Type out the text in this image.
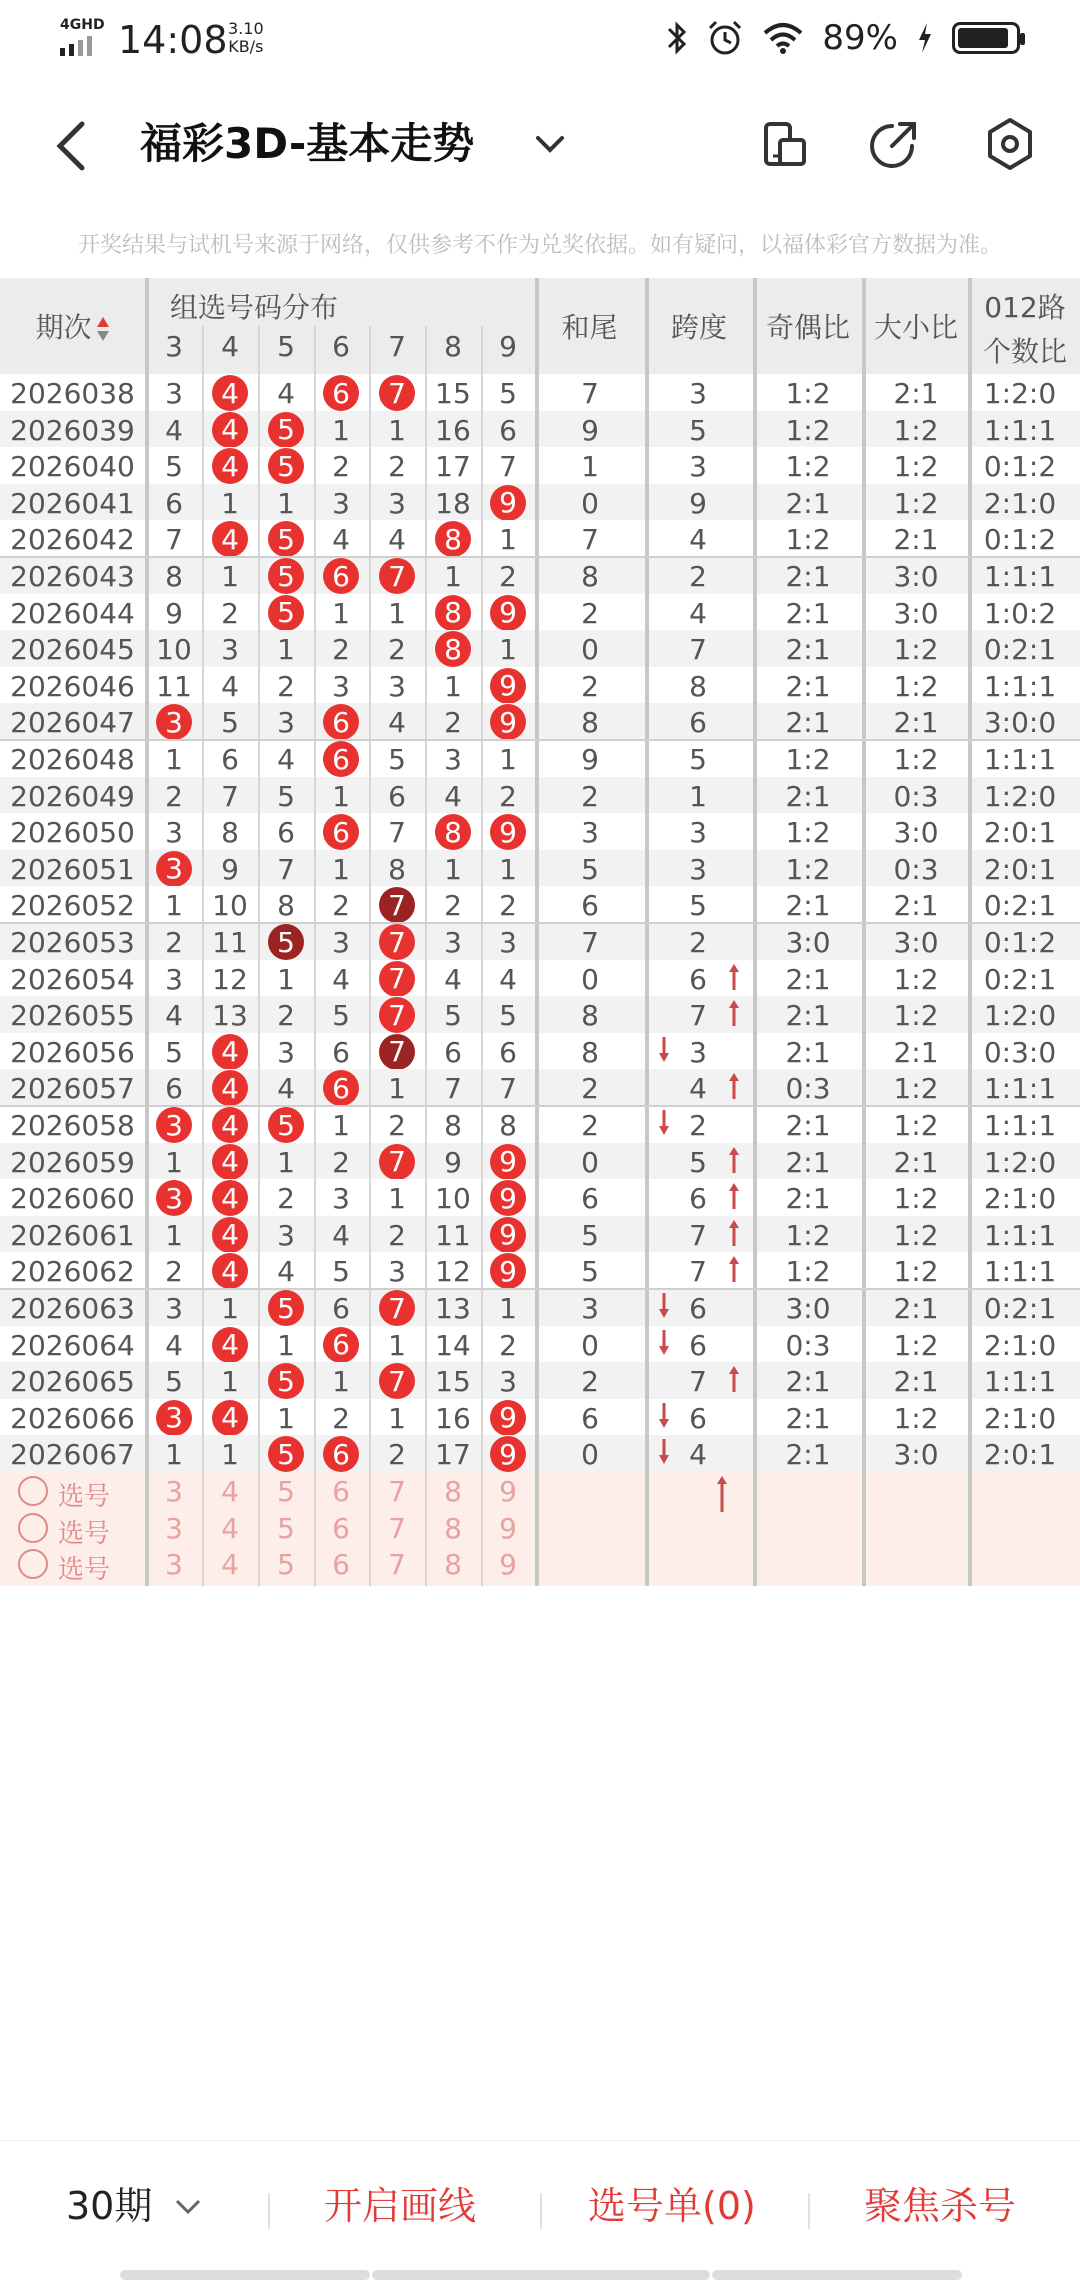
4GHD 14:08 3.10
KB/s	89%
福彩3D-基本走势
开奖结果与试机号来源于网络，仅供参考不作为兑奖依据。如有疑问，以福体彩官方数据为准。
期次
组选号码分布
3	4	5	6	7	8	9
和尾	跨度	奇偶比 大小比
012路
个数比
2026038	3	4	4	6	7	15	5	7	3	1:2	2:1	1:2:0
2026039	4	4	5	1	1	16	6	9	5	1:2	1:2	1:1:1
2026040	5	4	5	2	2	17	7	1	3	1:2	1:2	0:1:2
2026041	6	1	1	3	3	18	9	0	9	2:1	1:2	2:1:0
2026042	7	4	5	4	4	8	1	7	4	1:2	2:1	0:1:2
2026043	8	1	5	6	7	1	2	8	2	2:1	3:0	1:1:1
2026044	9	2	5	1	1	8	9	2	4	2:1	3:0	1:0:2
2026045 10	3	1	2	2	8	1	0	7	2:1	1:2	0:2:1
2026046 11	4	2	3	3	1	9	2	8	2:1	1:2	1:1:1
2026047	3	5	3	6	4	2	9	8	6	2:1	2:1	3:0:0
2026048	1	6	4	6	5	3	1	9	5	1:2	1:2	1:1:1
2026049	2	7	5	1	6	4	2	2	1	2:1	0:3	1:2:0
2026050	3	8	6	6	7	8	9	3	3	1:2	3:0	2:0:1
2026051	3	9	7	1	8	1	1	5	3	1:2	0:3	2:0:1
2026052	1	10	8	2	7	2	2	6	5	2:1	2:1	0:2:1
2026053	2	11	5	3	7	3	3	7	2	3:0	3:0	0:1:2
2026054	3	12	1	4	7	4	4	0	6	2:1	1:2	0:2:1
2026055	4	13	2	5	7	5	5	8	7	2:1	1:2	1:2:0
2026056	5	4	3	6	7	6	6	8	3	2:1	2:1	0:3:0
2026057	6	4	4	6	1	7	7	2	4	0:3	1:2	1:1:1
2026058	3	4	5	1	2	8	8	2	2	2:1	1:2	1:1:1
2026059	1	4	1	2	7	9	9	0	5	2:1	2:1	1:2:0
2026060	3	4	2	3	1	10	9	6	6	2:1	1:2	2:1:0
2026061	1	4	3	4	2	11	9	5	7	1:2	1:2	1:1:1
2026062	2	4	4	5	3	12	9	5	7	1:2	1:2	1:1:1
2026063	3	1	5	6	7	13	1	3	6	3:0	2:1	0:2:1
2026064	4	4	1	6	1	14	2	0	6	0:3	1:2	2:1:0
2026065	5	1	5	1	7	15	3	2	7	2:1	2:1	1:1:1
2026066	3	4	1	2	1	16	9	6	6	2:1	1:2	2:1:0
2026067	1	1	5	6	2	17	9	0	4	2:1	3:0	2:0:1
选号	3	4	5	6	7	8	9
选号	3	4	5	6	7	8	9
选号	3	4	5	6	7	8	9
30期	开启画线	选号单(0)	聚焦杀号
